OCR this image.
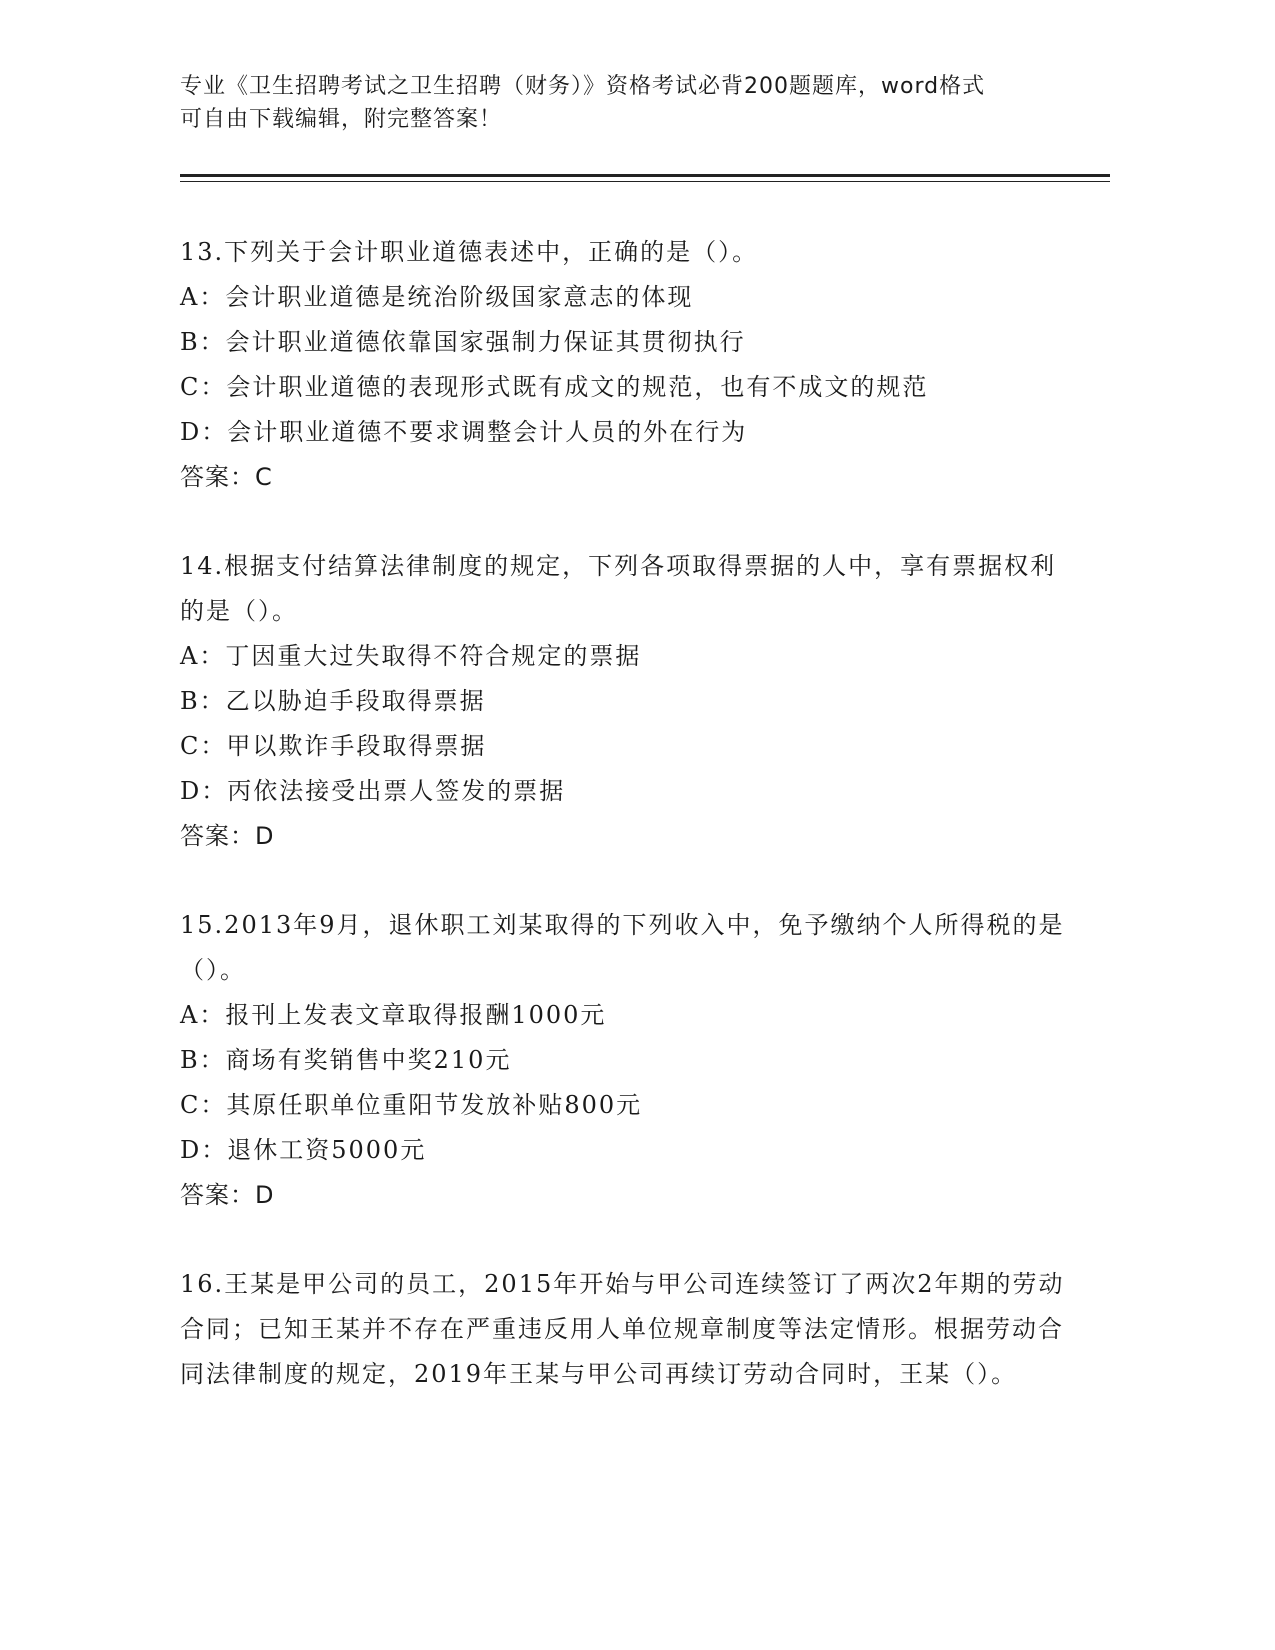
专业《卫生招聘考试之卫生招聘（财务）》资格考试必背200题题库，word格式
可自由下载编辑，附完整答案！
13.下列关于会计职业道德表述中，正确的是（）。
A：会计职业道德是统治阶级国家意志的体现
B：会计职业道德依靠国家强制力保证其贯彻执行
C：会计职业道德的表现形式既有成文的规范，也有不成文的规范
D：会计职业道德不要求调整会计人员的外在行为
答案：C
14.根据支付结算法律制度的规定，下列各项取得票据的人中，享有票据权利的是（）。
A：丁因重大过失取得不符合规定的票据
B：乙以胁迫手段取得票据
C：甲以欺诈手段取得票据
D：丙依法接受出票人签发的票据
答案：D
15.2013年9月，退休职工刘某取得的下列收入中，免予缴纳个人所得税的是（）。
A：报刊上发表文章取得报酬1000元
B：商场有奖销售中奖210元
C：其原任职单位重阳节发放补贴800元
D：退休工资5000元
答案：D
16.王某是甲公司的员工，2015年开始与甲公司连续签订了两次2年期的劳动合同；已知王某并不存在严重违反用人单位规章制度等法定情形。根据劳动合同法律制度的规定，2019年王某与甲公司再续订劳动合同时，王某（）。
